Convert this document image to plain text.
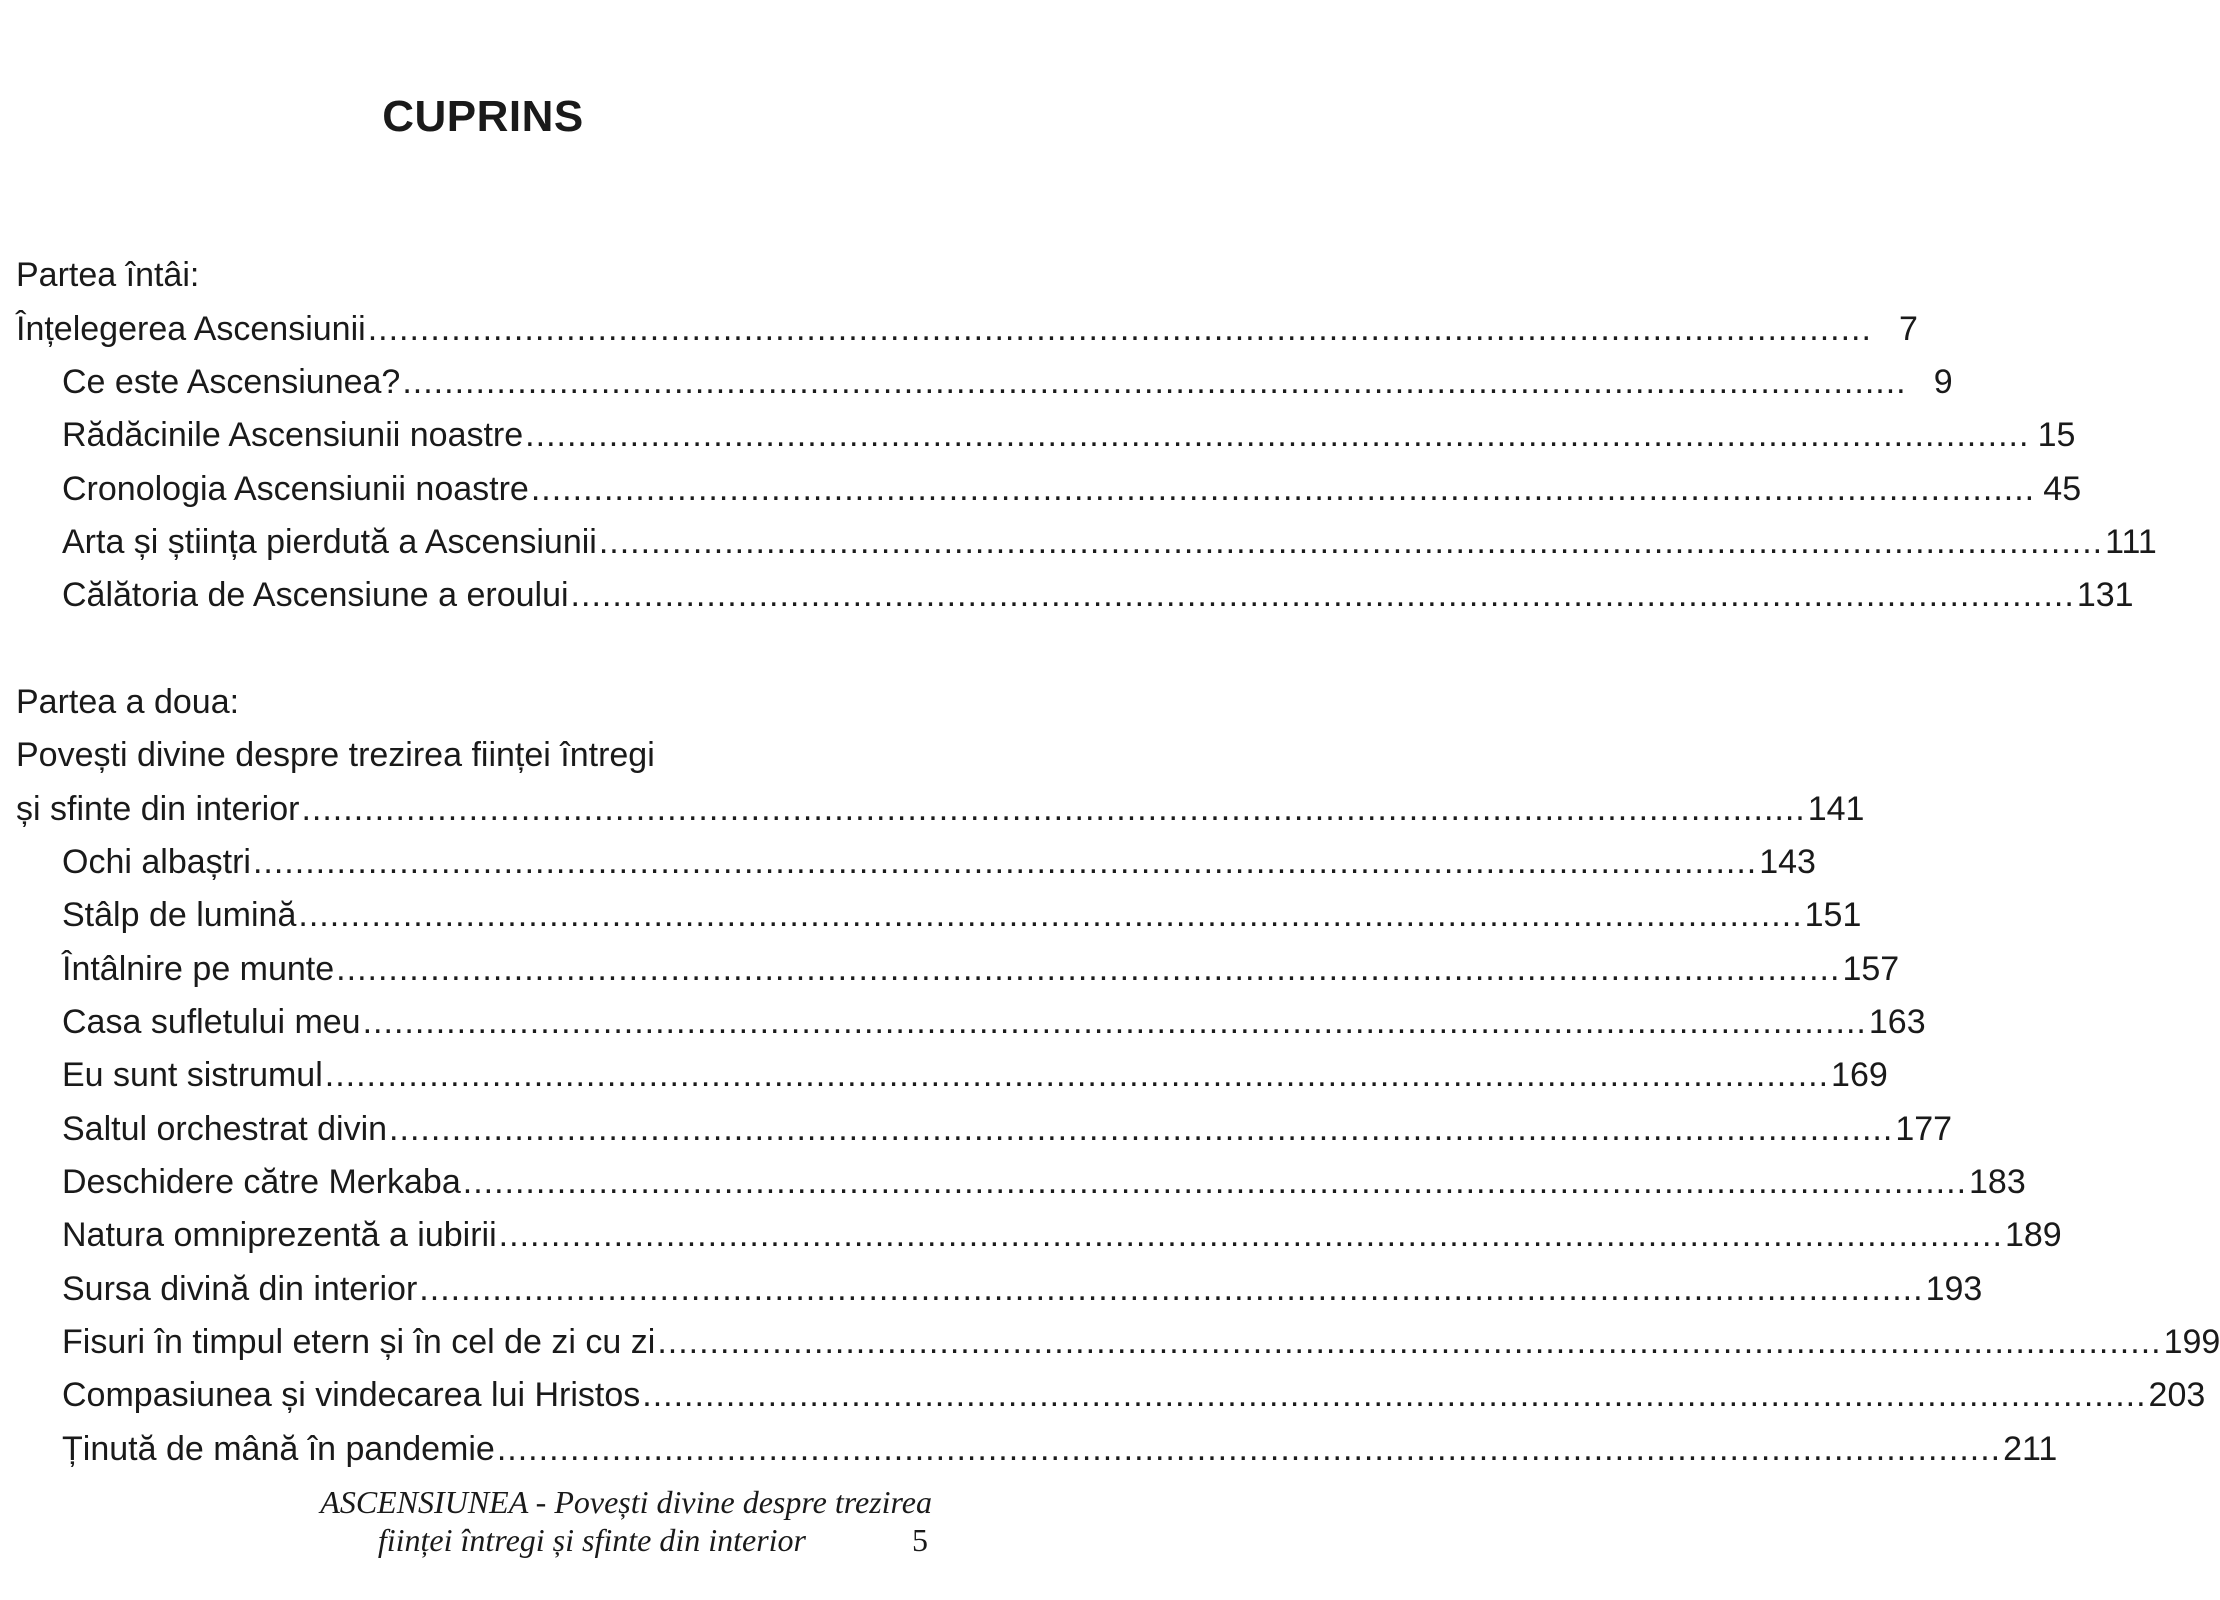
CUPRINS
Partea întâi:
Înțelegerea Ascensiunii ................................................................................................................................................ 7
Ce este Ascensiunea? ................................................................................................................................................ 9
Rădăcinile Ascensiunii noastre ................................................................................................................................................ 15
Cronologia Ascensiunii noastre ................................................................................................................................................ 45
Arta și știința pierdută a Ascensiunii ................................................................................................................................................ 111
Călătoria de Ascensiune a eroului ................................................................................................................................................ 131
Partea a doua:
Povești divine despre trezirea ființei întregi
și sfinte din interior ................................................................................................................................................ 141
Ochi albaștri ................................................................................................................................................ 143
Stâlp de lumină ................................................................................................................................................ 151
Întâlnire pe munte ................................................................................................................................................ 157
Casa sufletului meu ................................................................................................................................................ 163
Eu sunt sistrumul ................................................................................................................................................ 169
Saltul orchestrat divin ................................................................................................................................................ 177
Deschidere către Merkaba ................................................................................................................................................ 183
Natura omniprezentă a iubirii ................................................................................................................................................ 189
Sursa divină din interior ................................................................................................................................................ 193
Fisuri în timpul etern și în cel de zi cu zi ................................................................................................................................................ 199
Compasiunea și vindecarea lui Hristos ................................................................................................................................................ 203
Ținută de mână în pandemie ................................................................................................................................................ 211
ASCENSIUNEA - Povești divine despre trezirea
ființei întregi și sfinte din interior	5
